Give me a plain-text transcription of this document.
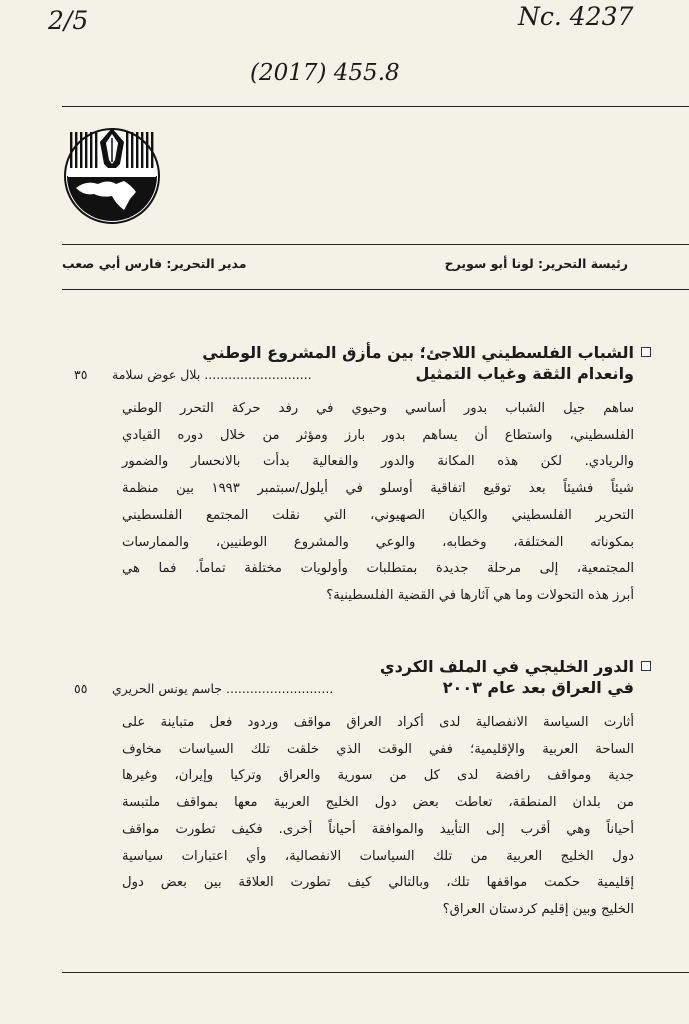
2/5	Nc. 4237
(2017) 455.8
رئيسة التحرير: لونا أبو سويرح
مدير التحرير: فارس أبي صعب
الشباب الفلسطيني اللاجئ؛ بين مأزق المشروع الوطني
وانعدام الثقة وغياب التمثيل
........................... بلال عوض سلامة
٣٥
ساهم جيل الشباب بدور أساسي وحيوي في رفد حركة التحرر الوطني
الفلسطيني، واستطاع أن يساهم بدور بارز ومؤثر من خلال دوره القيادي
والريادي. لكن هذه المكانة والدور والفعالية بدأت بالانحسار والضمور
شيئاً فشيئاً بعد توقيع اتفاقية أوسلو في أيلول/سبتمبر ١٩٩٣ بين منظمة
التحرير الفلسطيني والكيان الصهيوني، التي نقلت المجتمع الفلسطيني
بمكوناته المختلفة، وخطابه، والوعي والمشروع الوطنيين، والممارسات
المجتمعية، إلى مرحلة جديدة بمتطلبات وأولويات مختلفة تماماً. فما هي
أبرز هذه التحولات وما هي آثارها في القضية الفلسطينية؟
الدور الخليجي في الملف الكردي
في العراق بعد عام ٢٠٠٣
........................... جاسم يونس الحريري
٥٥
أثارت السياسة الانفصالية لدى أكراد العراق مواقف وردود فعل متباينة على
الساحة العربية والإقليمية؛ ففي الوقت الذي خلقت تلك السياسات مخاوف
جدية ومواقف رافضة لدى كل من سورية والعراق وتركيا وإيران، وغيرها
من بلدان المنطقة، تعاطت بعض دول الخليج العربية معها بمواقف ملتبسة
أحياناً وهي أقرب إلى التأييد والموافقة أحياناً أخرى. فكيف تطورت مواقف
دول الخليج العربية من تلك السياسات الانفصالية، وأي اعتبارات سياسية
إقليمية حكمت مواقفها تلك، وبالتالي كيف تطورت العلاقة بين بعض دول
الخليج وبين إقليم كردستان العراق؟
